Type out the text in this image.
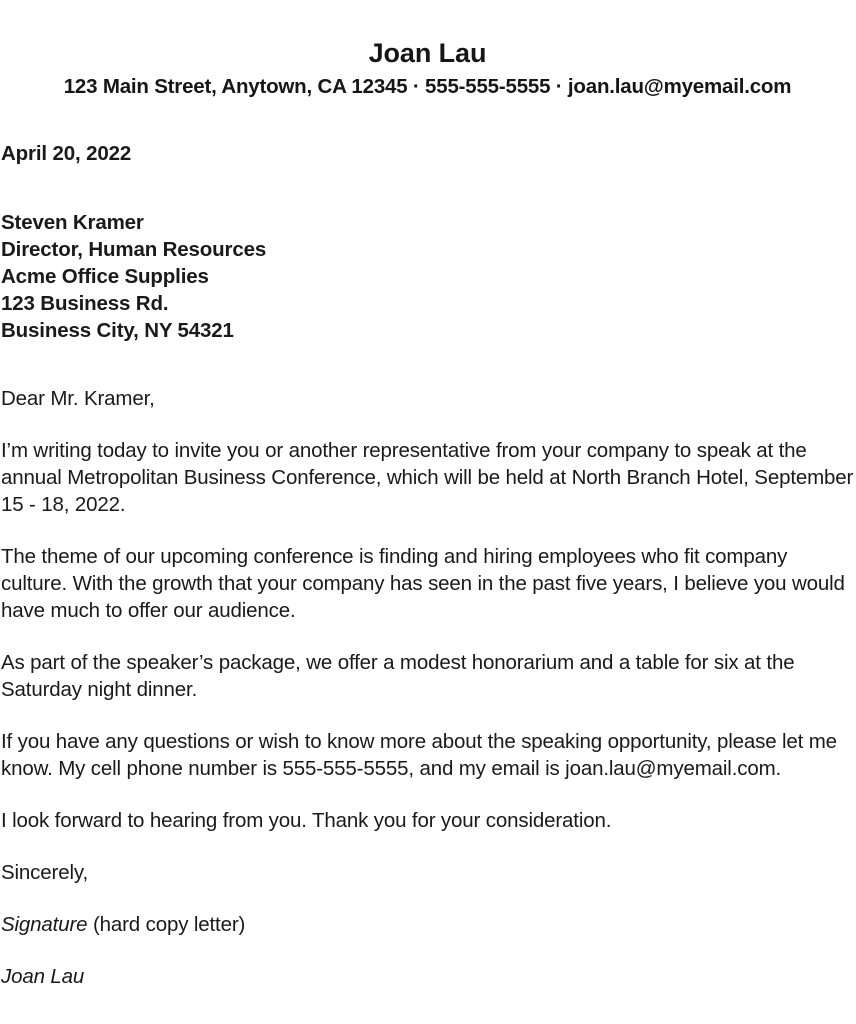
Joan Lau
123 Main Street, Anytown, CA 12345 · 555-555-5555 · joan.lau@myemail.com

April 20, 2022

Steven Kramer
Director, Human Resources
Acme Office Supplies
123 Business Rd.
Business City, NY 54321

Dear Mr. Kramer,

I’m writing today to invite you or another representative from your company to speak at the annual Metropolitan Business Conference, which will be held at North Branch Hotel, September 15 - 18, 2022.

The theme of our upcoming conference is finding and hiring employees who fit company culture. With the growth that your company has seen in the past five years, I believe you would have much to offer our audience.

As part of the speaker’s package, we offer a modest honorarium and a table for six at the Saturday night dinner.

If you have any questions or wish to know more about the speaking opportunity, please let me know. My cell phone number is 555-555-5555, and my email is joan.lau@myemail.com.

I look forward to hearing from you. Thank you for your consideration.

Sincerely,

Signature (hard copy letter)

Joan Lau
